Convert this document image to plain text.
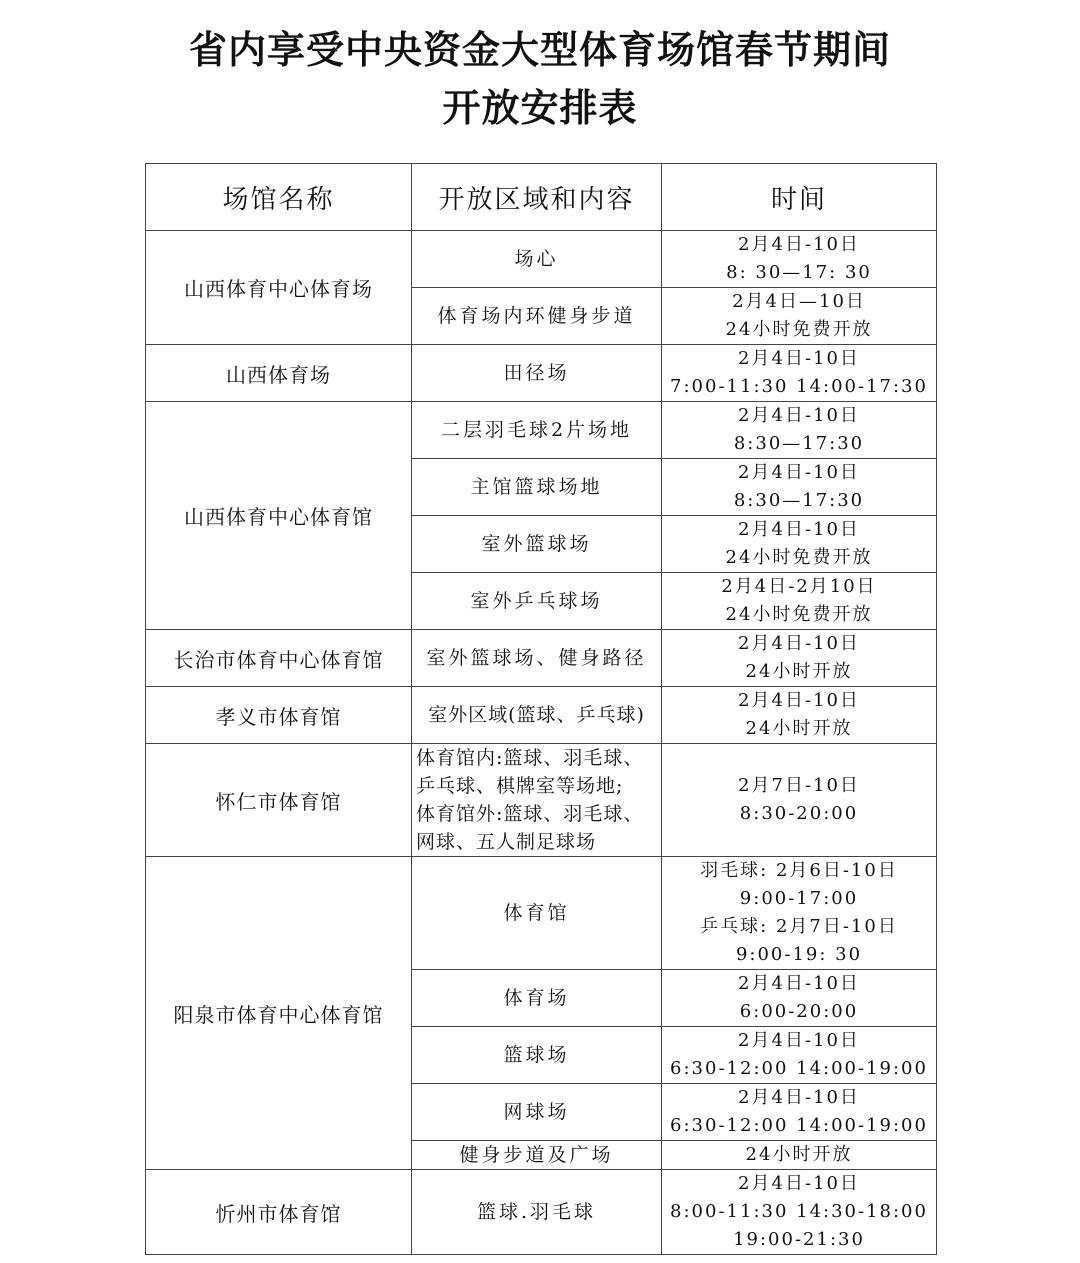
省内享受中央资金大型体育场馆春节期间
开放安排表
场馆名称	开放区域和内容	时间
山西体育中心体育场	场心	2月4日-10日
8: 30—17: 30

	体育场内环健身步道	2月4日—10日
24小时免费开放

山西体育场	田径场	2月4日-10日
7:00-11:30 14:00-17:30

山西体育中心体育馆	二层羽毛球2片场地	2月4日-10日
8:30—17:30

	主馆篮球场地	2月4日-10日
8:30—17:30

	室外篮球场	2月4日-10日
24小时免费开放

	室外乒乓球场	2月4日-2月10日
24小时免费开放

长治市体育中心体育馆	室外篮球场、健身路径	2月4日-10日
24小时开放

孝义市体育馆	室外区域(篮球、乒乓球)	2月4日-10日
24小时开放

怀仁市体育馆	体育馆内:篮球、羽毛球、
乒乓球、棋牌室等场地;
体育馆外:篮球、羽毛球、
网球、五人制足球场	2月7日-10日
8:30-20:00

阳泉市体育中心体育馆	体育馆	羽毛球: 2月6日-10日
9:00-17:00
乒乓球: 2月7日-10日
9:00-19: 30

	体育场	2月4日-10日
6:00-20:00

	篮球场	2月4日-10日
6:30-12:00 14:00-19:00

	网球场	2月4日-10日
6:30-12:00 14:00-19:00

	健身步道及广场	24小时开放

忻州市体育馆	篮球.羽毛球	2月4日-10日
8:00-11:30 14:30-18:00
19:00-21:30
